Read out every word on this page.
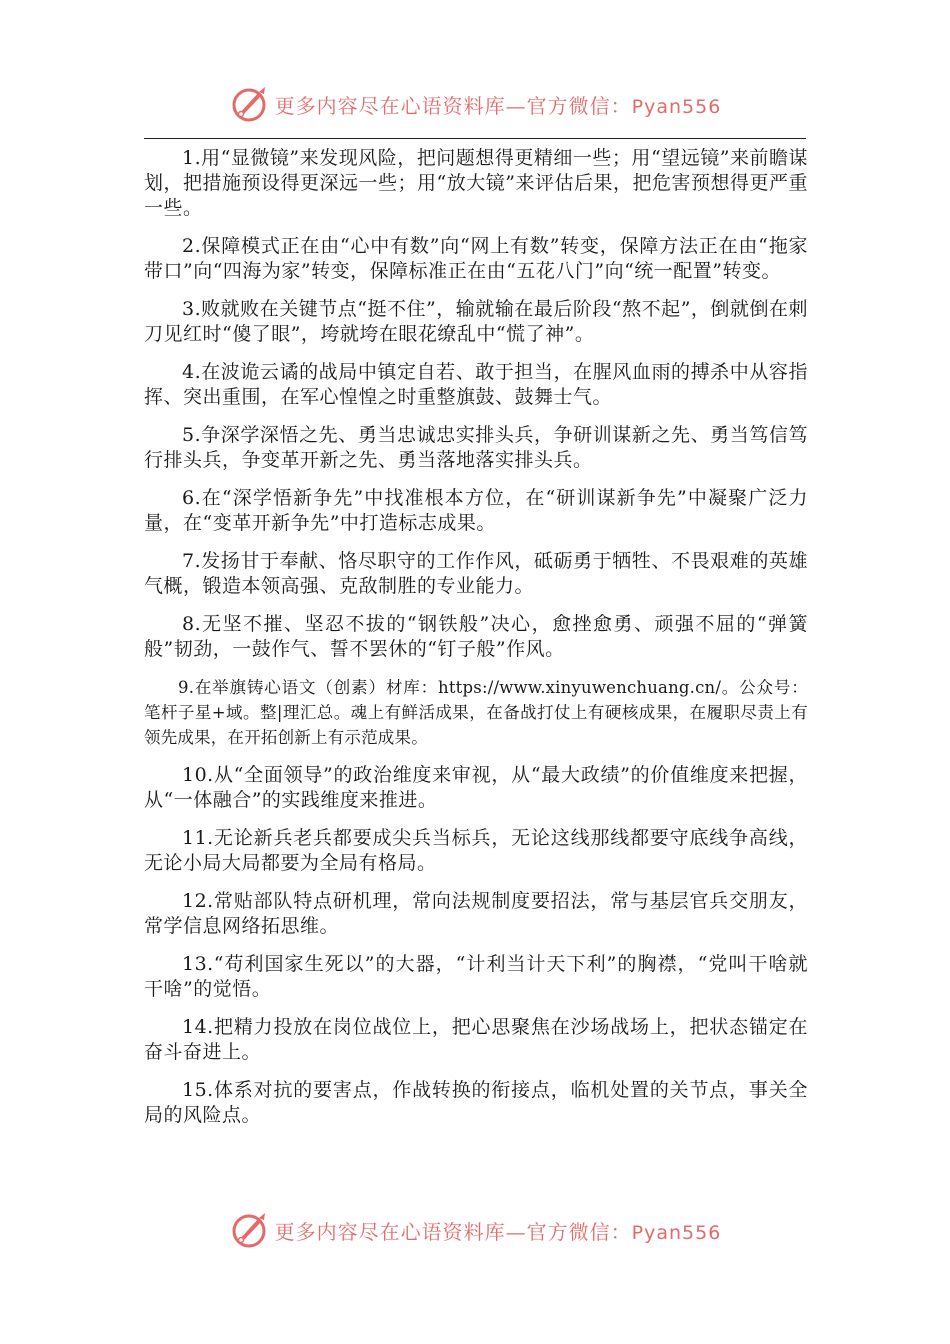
更多内容尽在心语资料库—官方微信：Pyan556

1.用“显微镜”来发现风险，把问题想得更精细一些；用“望远镜”来前瞻谋划，把措施预设得更深远一些；用“放大镜”来评估后果，把危害预想得更严重一些。

2.保障模式正在由“心中有数”向“网上有数”转变，保障方法正在由“拖家带口”向“四海为家”转变，保障标准正在由“五花八门”向“统一配置”转变。

3.败就败在关键节点“挺不住”，输就输在最后阶段“熬不起”，倒就倒在刺刀见红时“傻了眼”，垮就垮在眼花缭乱中“慌了神”。

4.在波诡云谲的战局中镇定自若、敢于担当，在腥风血雨的搏杀中从容指挥、突出重围，在军心惶惶之时重整旗鼓、鼓舞士气。

5.争深学深悟之先、勇当忠诚忠实排头兵，争研训谋新之先、勇当笃信笃行排头兵，争变革开新之先、勇当落地落实排头兵。

6.在“深学悟新争先”中找准根本方位，在“研训谋新争先”中凝聚广泛力量，在“变革开新争先”中打造标志成果。

7.发扬甘于奉献、恪尽职守的工作作风，砥砺勇于牺牲、不畏艰难的英雄气概，锻造本领高强、克敌制胜的专业能力。

8.无坚不摧、坚忍不拔的“钢铁般”决心，愈挫愈勇、顽强不屈的“弹簧般”韧劲，一鼓作气、誓不罢休的“钉子般”作风。

9.在举旗铸心语文（创素）材库：https://www.xinyuwenchuang.cn/。公众号：笔杆子星+域。整|理汇总。魂上有鲜活成果，在备战打仗上有硬核成果，在履职尽责上有领先成果，在开拓创新上有示范成果。

10.从“全面领导”的政治维度来审视，从“最大政绩”的价值维度来把握，从“一体融合”的实践维度来推进。

11.无论新兵老兵都要成尖兵当标兵，无论这线那线都要守底线争高线，无论小局大局都要为全局有格局。

12.常贴部队特点研机理，常向法规制度要招法，常与基层官兵交朋友，常学信息网络拓思维。

13.“苟利国家生死以”的大器，“计利当计天下利”的胸襟，“党叫干啥就干啥”的觉悟。

14.把精力投放在岗位战位上，把心思聚焦在沙场战场上，把状态锚定在奋斗奋进上。

15.体系对抗的要害点，作战转换的衔接点，临机处置的关节点，事关全局的风险点。

更多内容尽在心语资料库—官方微信：Pyan556
